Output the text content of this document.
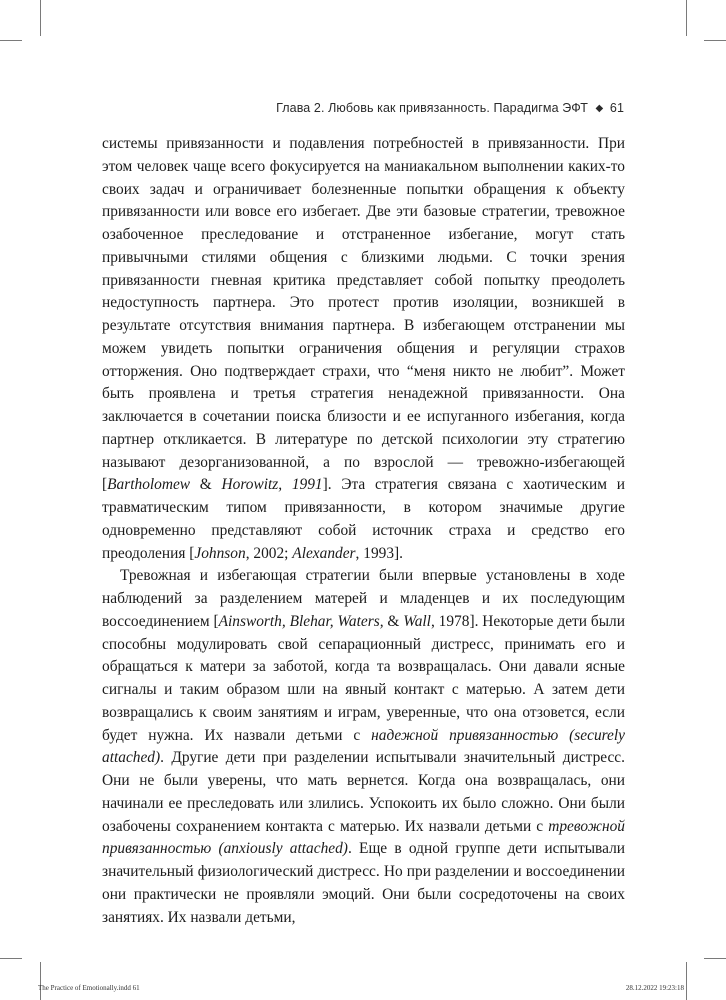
Глава 2. Любовь как привязанность. Парадигма ЭФТ ◆ 61

системы привязанности и подавления потребностей в привязанности. При этом человек чаще всего фокусируется на маниакальном выполнении каких-то своих задач и ограничивает болезненные попытки обращения к объекту привязанности или вовсе его избегает. Две эти базовые стратегии, тревожное озабоченное преследование и отстраненное избегание, могут стать привычными стилями общения с близкими людьми. С точки зрения привязанности гневная критика представляет собой попытку преодолеть недоступность партнера. Это протест против изоляции, возникшей в результате отсутствия внимания партнера. В избегающем отстранении мы можем увидеть попытки ограничения общения и регуляции страхов отторжения. Оно подтверждает страхи, что “меня никто не любит”. Может быть проявлена и третья стратегия ненадежной привязанности. Она заключается в сочетании поиска близости и ее испуганного избегания, когда партнер откликается. В литературе по детской психологии эту стратегию называют дезорганизованной, а по взрослой — тревожно-избегающей [Bartholomew & Horowitz, 1991]. Эта стратегия связана с хаотическим и травматическим типом привязанности, в котором значимые другие одновременно представляют собой источник страха и средство его преодоления [Johnson, 2002; Alexander, 1993].

Тревожная и избегающая стратегии были впервые установлены в ходе наблюдений за разделением матерей и младенцев и их последующим воссоединением [Ainsworth, Blehar, Waters, & Wall, 1978]. Некоторые дети были способны модулировать свой сепарационный дистресс, принимать его и обращаться к матери за заботой, когда та возвращалась. Они давали ясные сигналы и таким образом шли на явный контакт с матерью. А затем дети возвращались к своим занятиям и играм, уверенные, что она отзовется, если будет нужна. Их назвали детьми с надежной привязанностью (securely attached). Другие дети при разделении испытывали значительный дистресс. Они не были уверены, что мать вернется. Когда она возвращалась, они начинали ее преследовать или злились. Успокоить их было сложно. Они были озабочены сохранением контакта с матерью. Их назвали детьми с тревожной привязанностью (anxiously attached). Еще в одной группе дети испытывали значительный физиологический дистресс. Но при разделении и воссоединении они практически не проявляли эмоций. Они были сосредоточены на своих занятиях. Их назвали детьми,

The Practice of Emotionally.indd 61	28.12.2022 19:23:18
